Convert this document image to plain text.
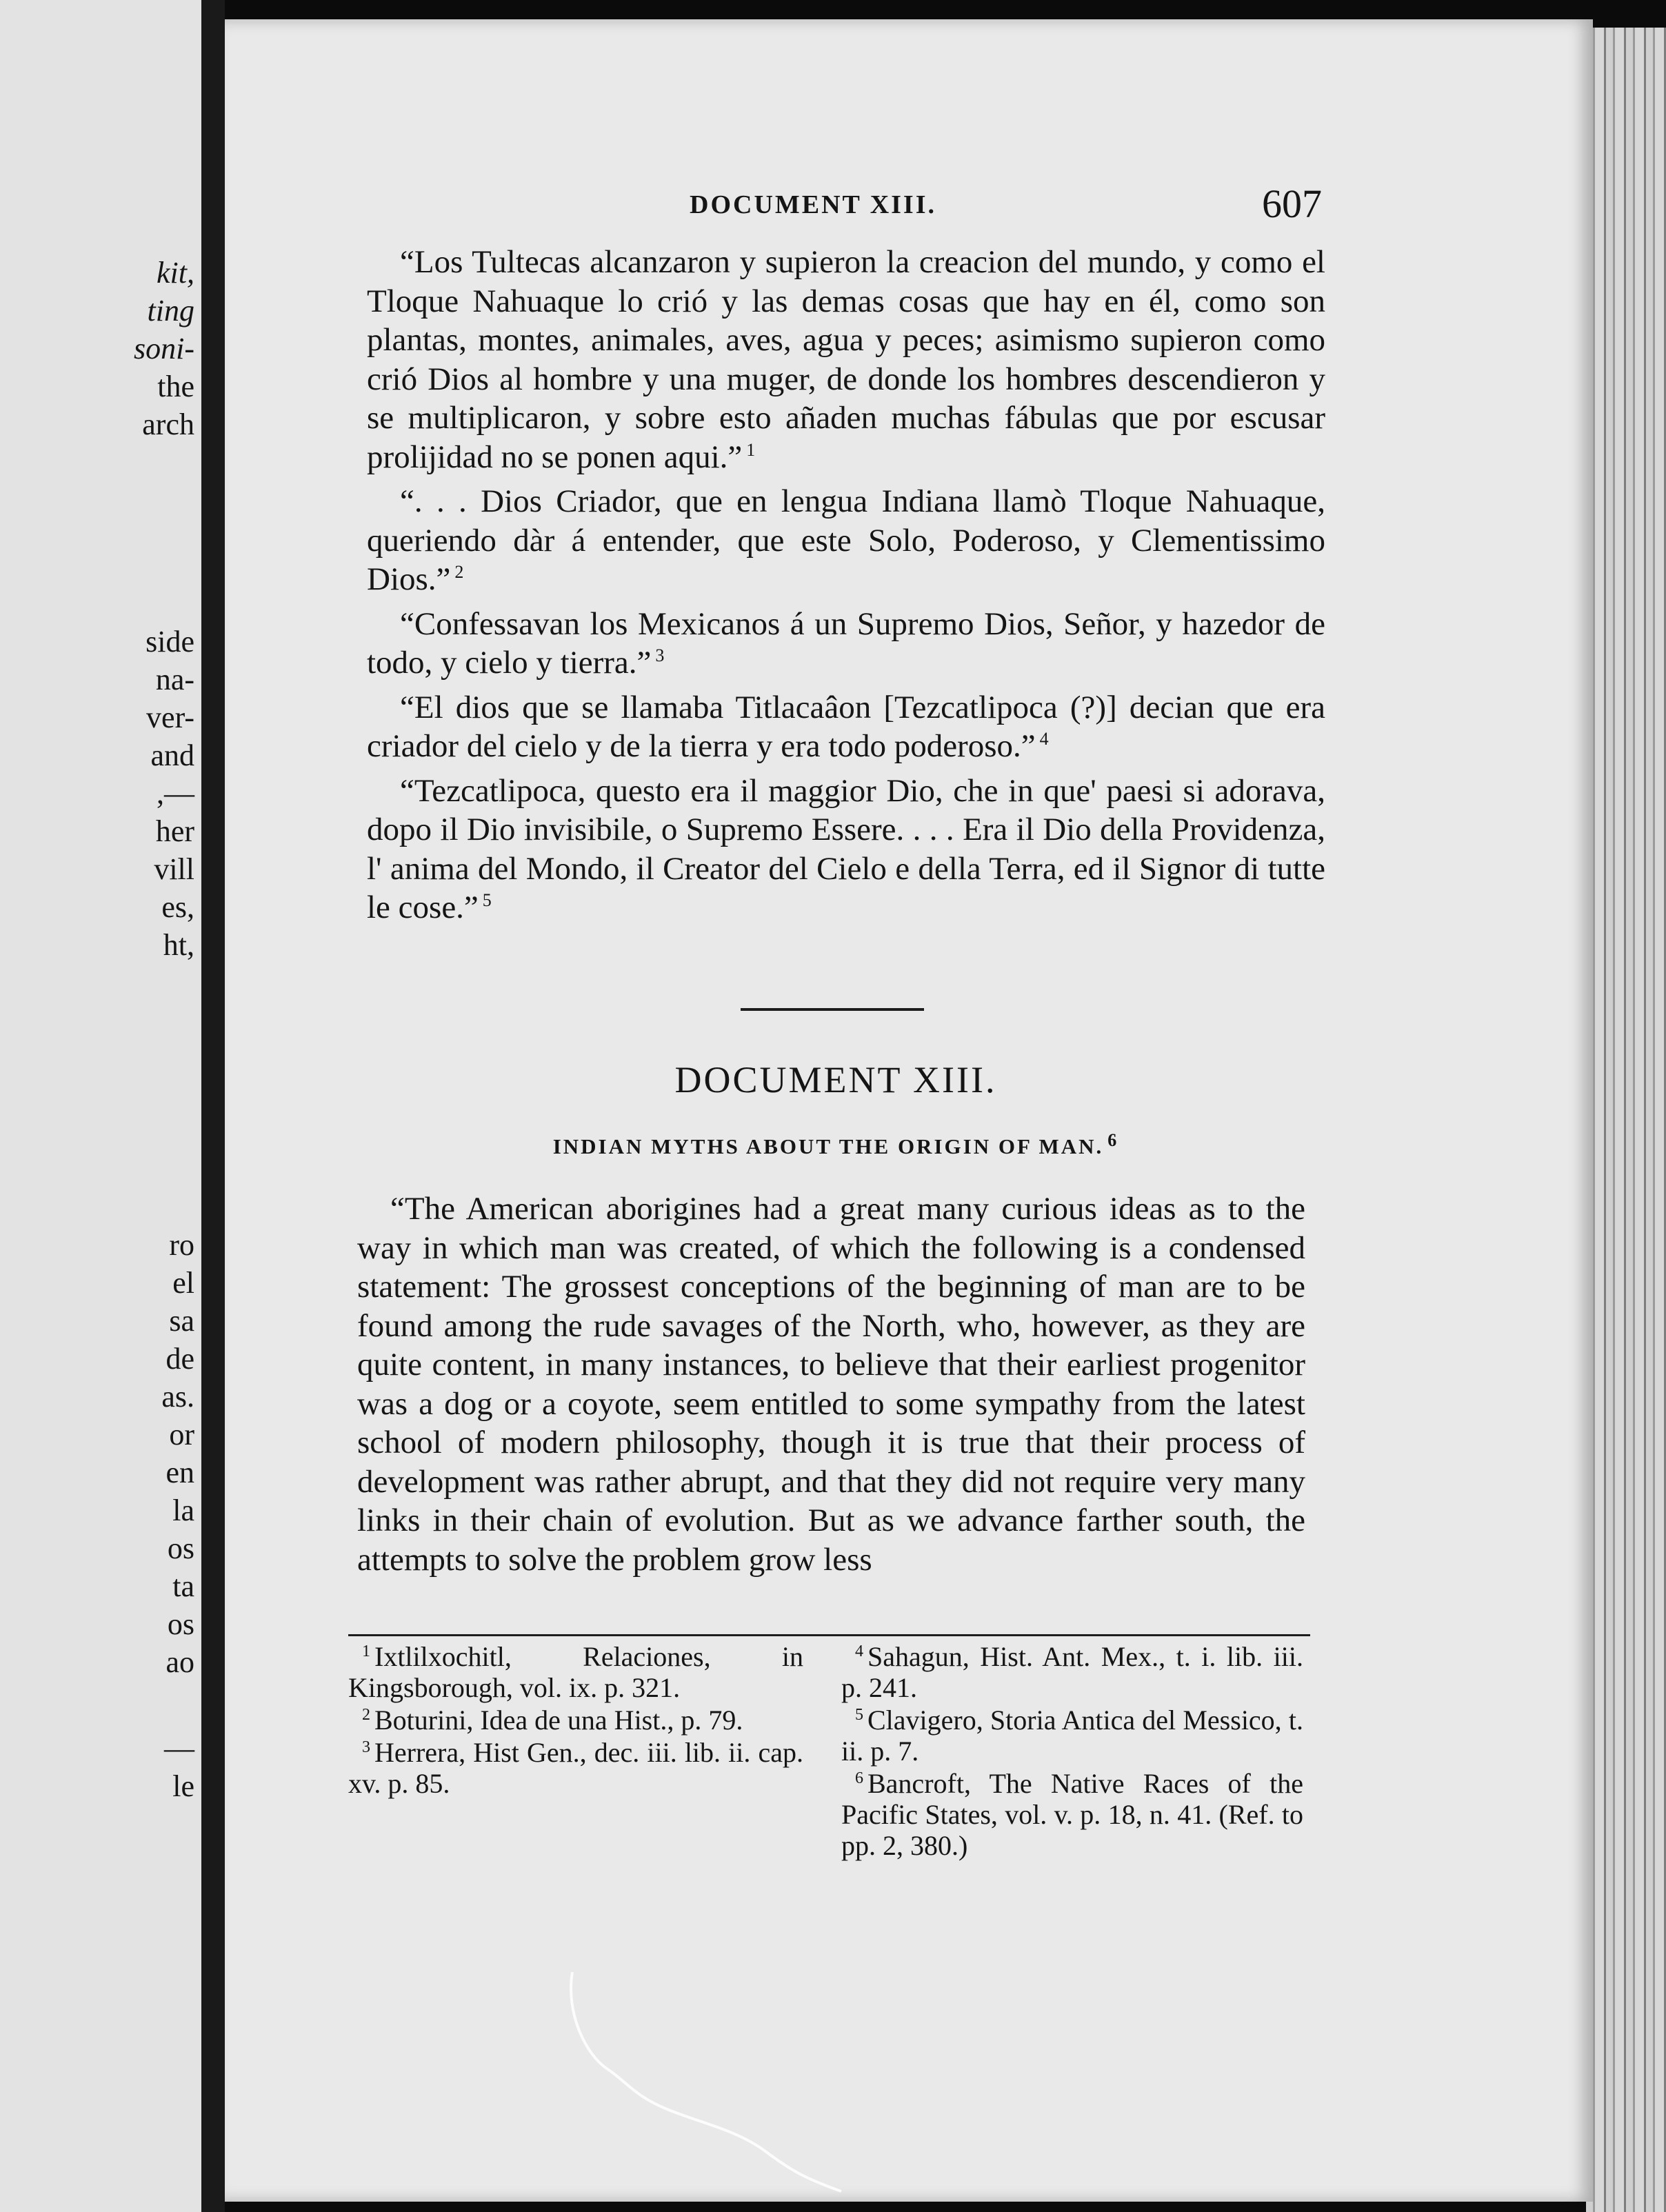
kit,
ting
soni-
the
arch
side
na-
ver-
and
,—
her
vill
es,
ht,
ro
el
sa
de
as.
or
en
la
os
ta
os
ao
—
le
DOCUMENT XIII.	607

“Los Tultecas alcanzaron y supieron la creacion del mundo, y como el Tloque Nahuaque lo crió y las demas cosas que hay en él, como son plantas, montes, animales, aves, agua y peces; asimismo supieron como crió Dios al hombre y una muger, de donde los hombres descendieron y se multiplicaron, y sobre esto añaden muchas fábulas que por escusar prolijidad no se ponen aqui.” $^1$

“. . . Dios Criador, que en lengua Indiana llamò Tloque Nahuaque, queriendo dàr á entender, que este Solo, Poderoso, y Clementissimo Dios.” $^2$

“Confessavan los Mexicanos á un Supremo Dios, Señor, y hazedor de todo, y cielo y tierra.” $^3$

“El dios que se llamaba Titlacaâon [Tezcatlipoca (?)] decian que era criador del cielo y de la tierra y era todo poderoso.” $^4$

“Tezcatlipoca, questo era il maggior Dio, che in que' paesi si adorava, dopo il Dio invisibile, o Supremo Essere. . . . Era il Dio della Providenza, l' anima del Mondo, il Creator del Cielo e della Terra, ed il Signor di tutte le cose.” $^5$

DOCUMENT XIII.
INDIAN MYTHS ABOUT THE ORIGIN OF MAN. $^6$

“The American aborigines had a great many curious ideas as to the way in which man was created, of which the following is a condensed statement: The grossest conceptions of the beginning of man are to be found among the rude savages of the North, who, however, as they are quite content, in many instances, to believe that their earliest progenitor was a dog or a coyote, seem entitled to some sympathy from the latest school of modern philosophy, though it is true that their process of development was rather abrupt, and that they did not require very many links in their chain of evolution. But as we advance farther south, the attempts to solve the problem grow less

$^1$ Ixtlilxochitl, Relaciones, in Kingsborough, vol. ix. p. 321.

$^2$ Boturini, Idea de una Hist., p. 79.

$^3$ Herrera, Hist Gen., dec. iii. lib. ii. cap. xv. p. 85.

$^4$ Sahagun, Hist. Ant. Mex., t. i. lib. iii. p. 241.

$^5$ Clavigero, Storia Antica del Messico, t. ii. p. 7.

$^6$ Bancroft, The Native Races of the Pacific States, vol. v. p. 18, n. 41. (Ref. to pp. 2, 380.)
